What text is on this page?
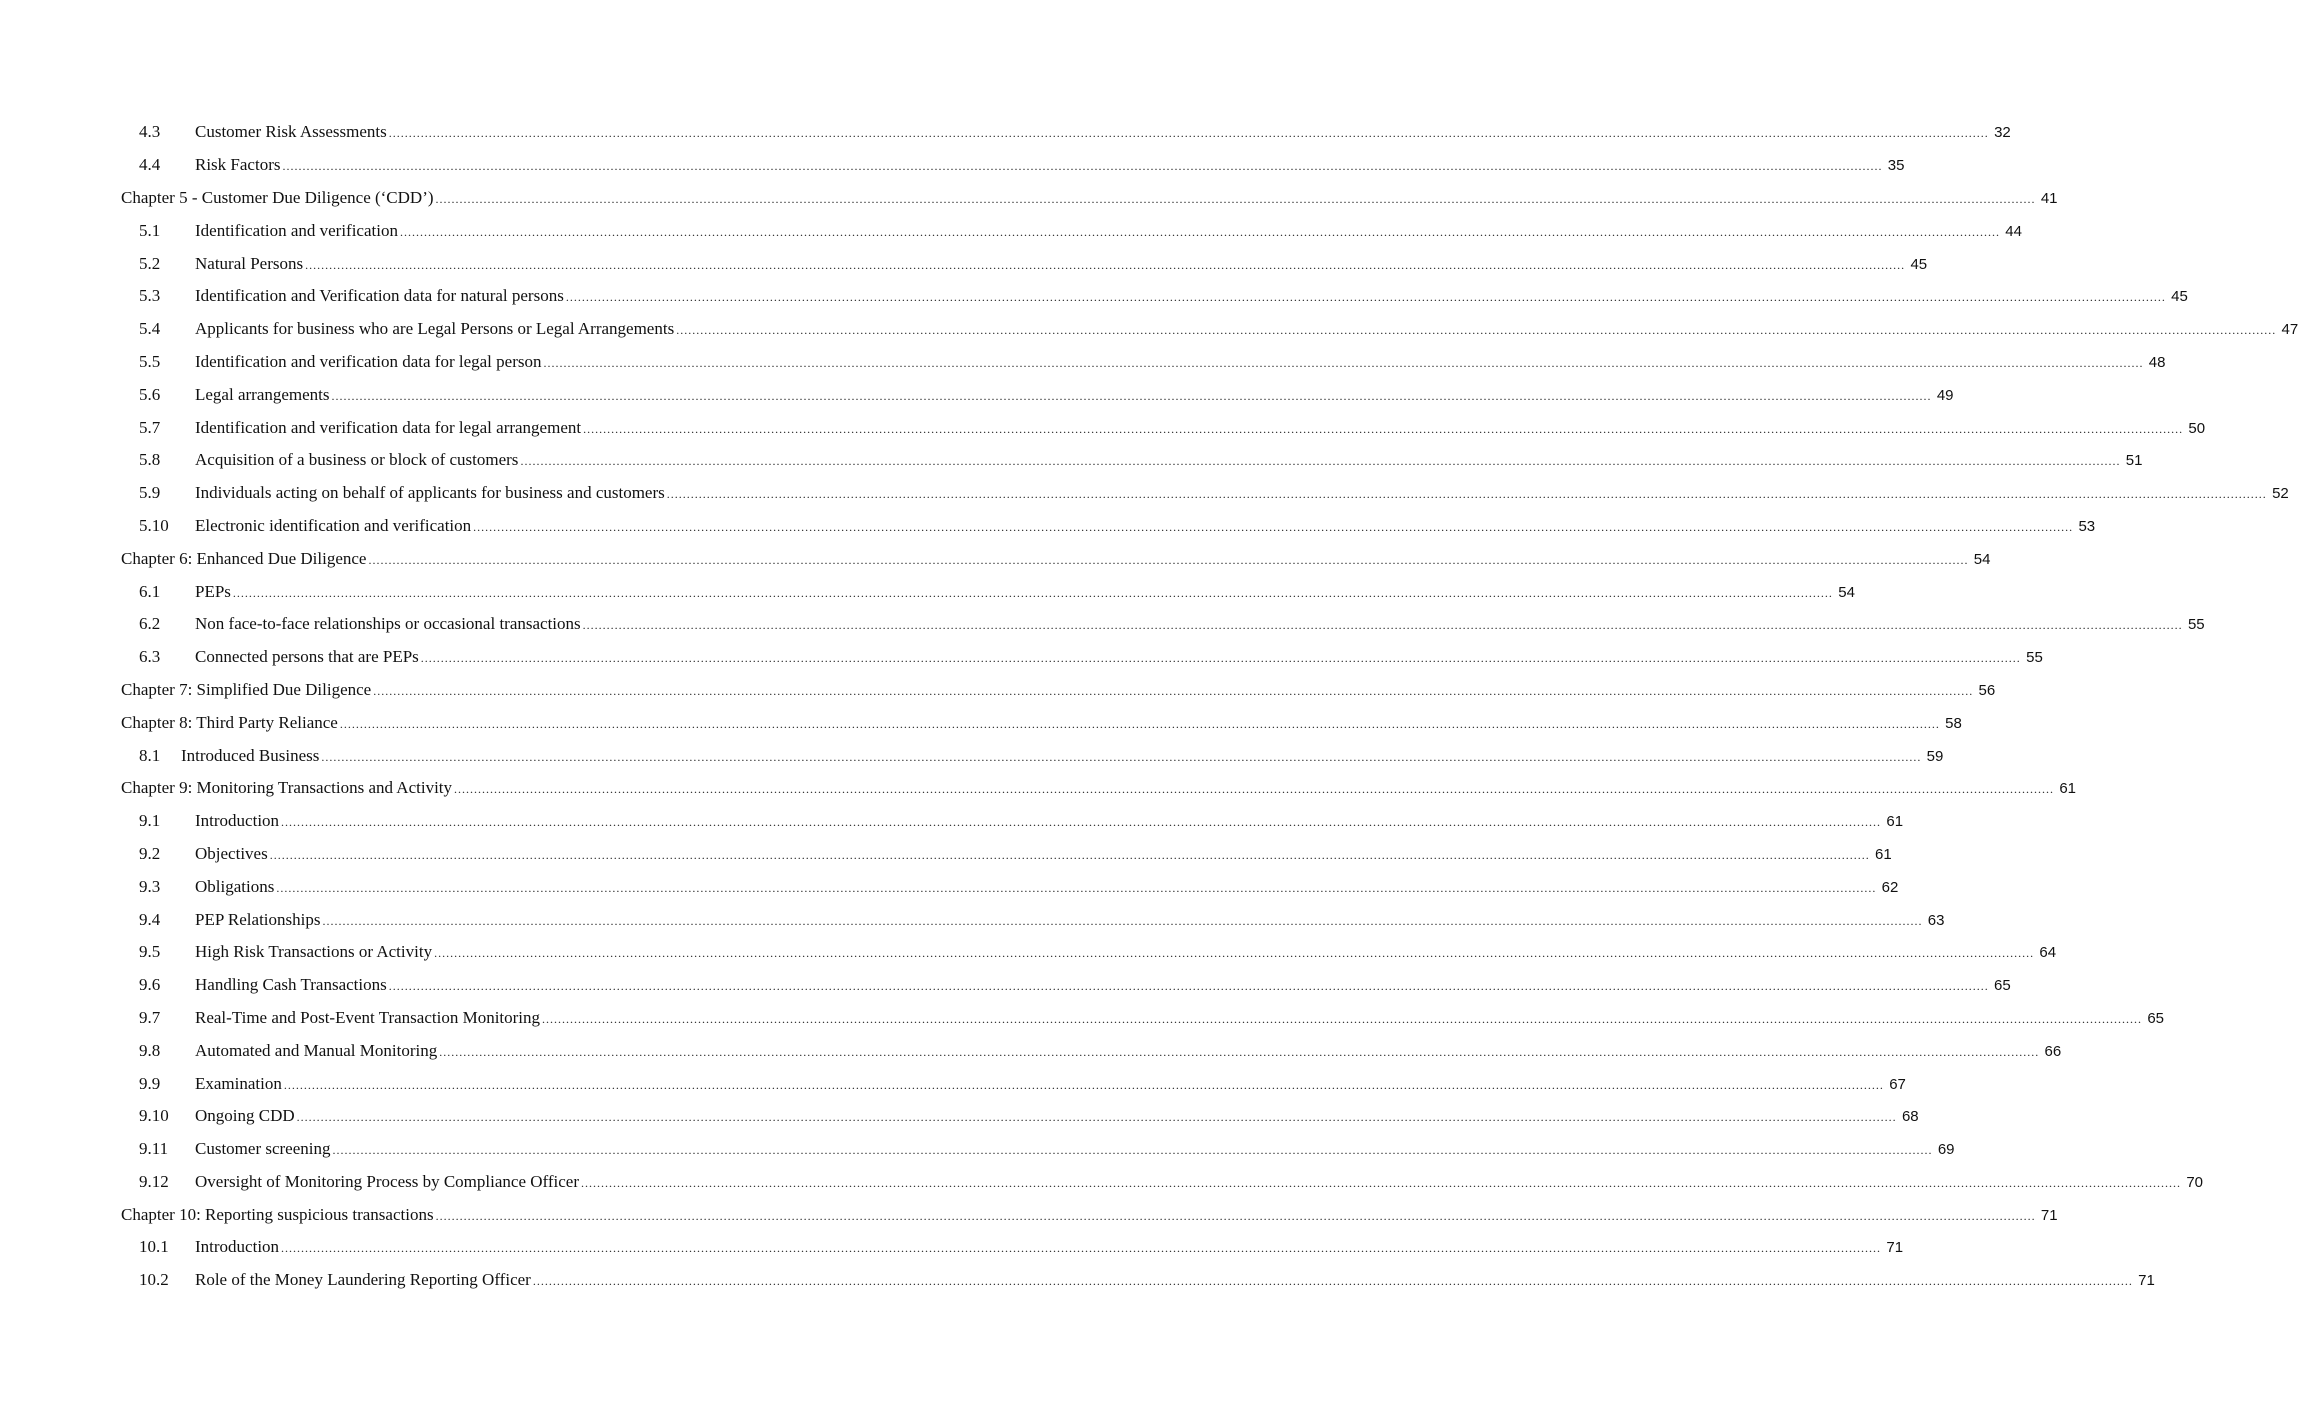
4.3 Customer Risk Assessments ................................................................................................................................................................................................................................................................................................................................................................................................................ 32
4.4 Risk Factors ................................................................................................................................................................................................................................................................................................................................................................................................................ 35
Chapter 5 - Customer Due Diligence (‘CDD’) ................................................................................................................................................................................................................................................................................................................................................................................................................ 41
5.1 Identification and verification ................................................................................................................................................................................................................................................................................................................................................................................................................ 44
5.2 Natural Persons ................................................................................................................................................................................................................................................................................................................................................................................................................ 45
5.3 Identification and Verification data for natural persons ................................................................................................................................................................................................................................................................................................................................................................................................................ 45
5.4 Applicants for business who are Legal Persons or Legal Arrangements ................................................................................................................................................................................................................................................................................................................................................................................................................ 47
5.5 Identification and verification data for legal person ................................................................................................................................................................................................................................................................................................................................................................................................................ 48
5.6 Legal arrangements ................................................................................................................................................................................................................................................................................................................................................................................................................ 49
5.7 Identification and verification data for legal arrangement ................................................................................................................................................................................................................................................................................................................................................................................................................ 50
5.8 Acquisition of a business or block of customers ................................................................................................................................................................................................................................................................................................................................................................................................................ 51
5.9 Individuals acting on behalf of applicants for business and customers ................................................................................................................................................................................................................................................................................................................................................................................................................ 52
5.10 Electronic identification and verification ................................................................................................................................................................................................................................................................................................................................................................................................................ 53
Chapter 6: Enhanced Due Diligence ................................................................................................................................................................................................................................................................................................................................................................................................................ 54
6.1 PEPs ................................................................................................................................................................................................................................................................................................................................................................................................................ 54
6.2 Non face-to-face relationships or occasional transactions ................................................................................................................................................................................................................................................................................................................................................................................................................ 55
6.3 Connected persons that are PEPs ................................................................................................................................................................................................................................................................................................................................................................................................................ 55
Chapter 7: Simplified Due Diligence ................................................................................................................................................................................................................................................................................................................................................................................................................ 56
Chapter 8: Third Party Reliance ................................................................................................................................................................................................................................................................................................................................................................................................................ 58
8.1 Introduced Business ................................................................................................................................................................................................................................................................................................................................................................................................................ 59
Chapter 9: Monitoring Transactions and Activity ................................................................................................................................................................................................................................................................................................................................................................................................................ 61
9.1 Introduction ................................................................................................................................................................................................................................................................................................................................................................................................................ 61
9.2 Objectives ................................................................................................................................................................................................................................................................................................................................................................................................................ 61
9.3 Obligations ................................................................................................................................................................................................................................................................................................................................................................................................................ 62
9.4 PEP Relationships ................................................................................................................................................................................................................................................................................................................................................................................................................ 63
9.5 High Risk Transactions or Activity ................................................................................................................................................................................................................................................................................................................................................................................................................ 64
9.6 Handling Cash Transactions ................................................................................................................................................................................................................................................................................................................................................................................................................ 65
9.7 Real-Time and Post-Event Transaction Monitoring ................................................................................................................................................................................................................................................................................................................................................................................................................ 65
9.8 Automated and Manual Monitoring ................................................................................................................................................................................................................................................................................................................................................................................................................ 66
9.9 Examination ................................................................................................................................................................................................................................................................................................................................................................................................................ 67
9.10 Ongoing CDD ................................................................................................................................................................................................................................................................................................................................................................................................................ 68
9.11 Customer screening ................................................................................................................................................................................................................................................................................................................................................................................................................ 69
9.12 Oversight of Monitoring Process by Compliance Officer ................................................................................................................................................................................................................................................................................................................................................................................................................ 70
Chapter 10: Reporting suspicious transactions ................................................................................................................................................................................................................................................................................................................................................................................................................ 71
10.1 Introduction ................................................................................................................................................................................................................................................................................................................................................................................................................ 71
10.2 Role of the Money Laundering Reporting Officer ................................................................................................................................................................................................................................................................................................................................................................................................................ 71
